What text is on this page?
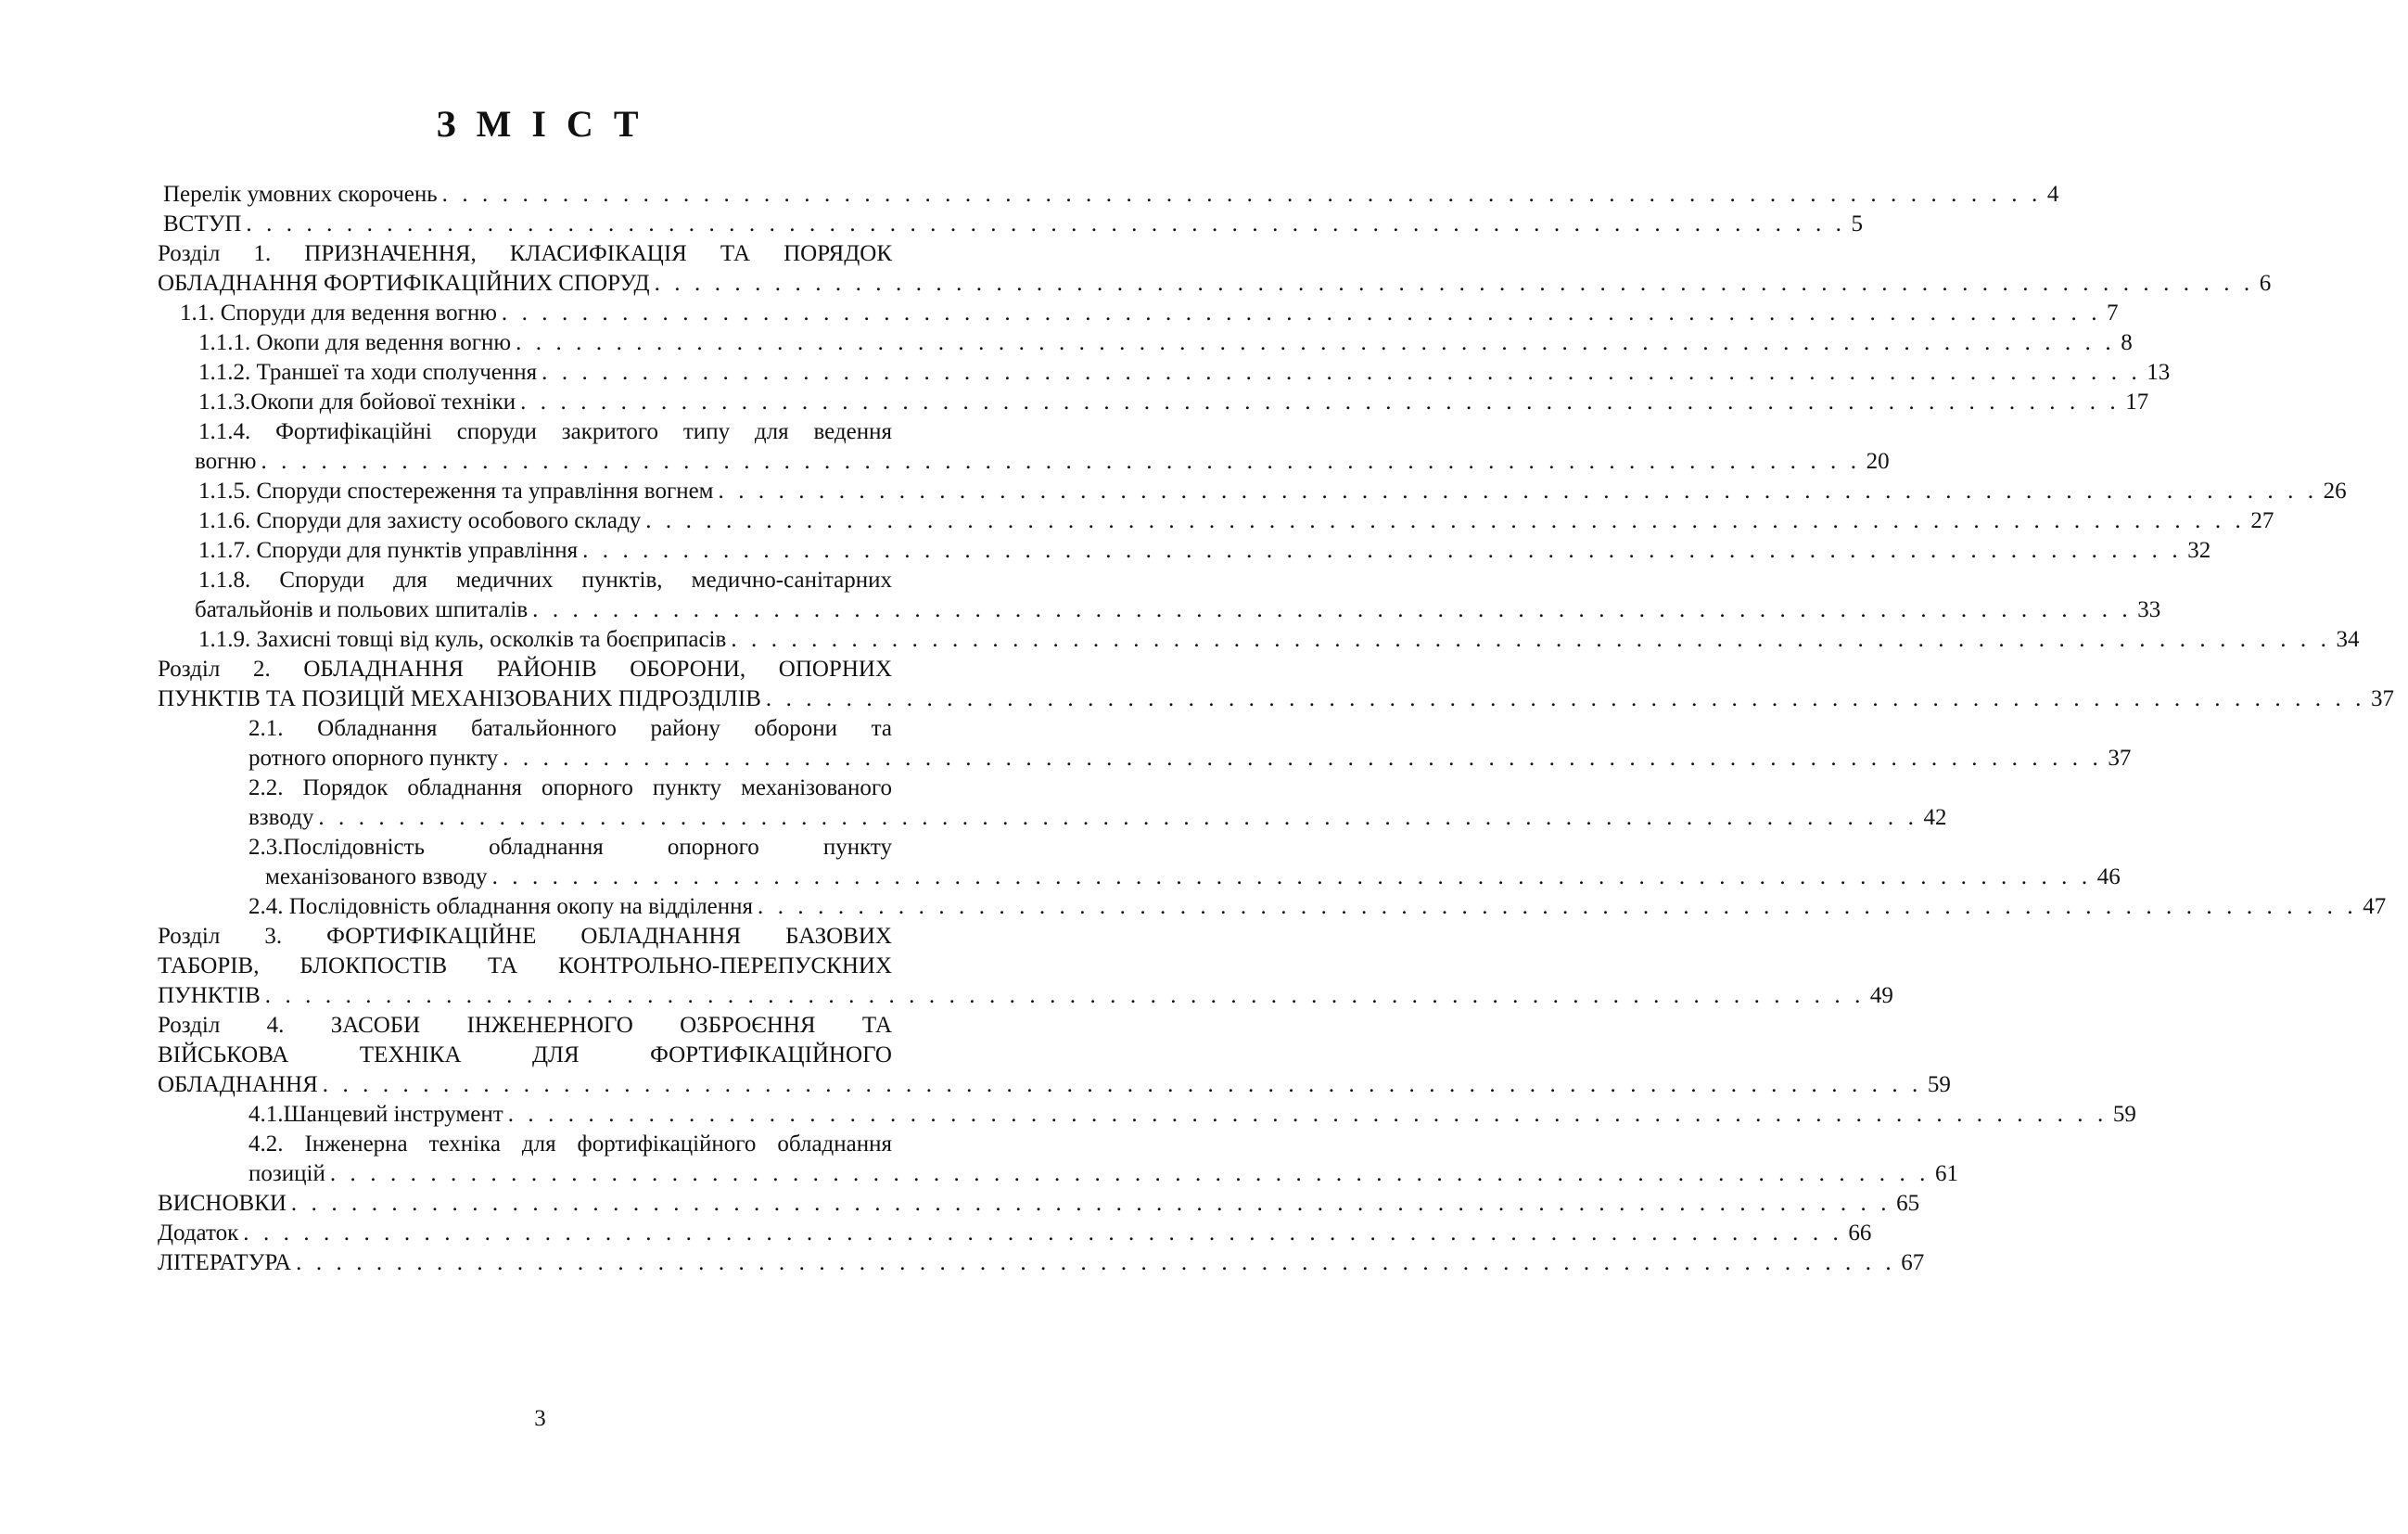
З М І С Т
Перелік умовних скорочень . . . . . . . . . . . . . . . . . . . . . . . . . . . . . . . . . . . . . . . . . . . . . . . . . . . . . . . . . . . . . . . . . . . . . . . . . . . . . . . . 4
ВСТУП . . . . . . . . . . . . . . . . . . . . . . . . . . . . . . . . . . . . . . . . . . . . . . . . . . . . . . . . . . . . . . . . . . . . . . . . . . . . . . . . 5
Розділ 1. ПРИЗНАЧЕННЯ, КЛАСИФІКАЦІЯ ТА ПОРЯДОК
ОБЛАДНАННЯ ФОРТИФІКАЦІЙНИХ СПОРУД . . . . . . . . . . . . . . . . . . . . . . . . . . . . . . . . . . . . . . . . . . . . . . . . . . . . . . . . . . . . . . . . . . . . . . . . . . . . . . . . 6
1.1. Споруди для ведення вогню . . . . . . . . . . . . . . . . . . . . . . . . . . . . . . . . . . . . . . . . . . . . . . . . . . . . . . . . . . . . . . . . . . . . . . . . . . . . . . . . 7
1.1.1. Окопи для ведення вогню . . . . . . . . . . . . . . . . . . . . . . . . . . . . . . . . . . . . . . . . . . . . . . . . . . . . . . . . . . . . . . . . . . . . . . . . . . . . . . . . 8
1.1.2. Траншеї та ходи сполучення . . . . . . . . . . . . . . . . . . . . . . . . . . . . . . . . . . . . . . . . . . . . . . . . . . . . . . . . . . . . . . . . . . . . . . . . . . . . . . . . 13
1.1.3.Окопи для бойової техніки . . . . . . . . . . . . . . . . . . . . . . . . . . . . . . . . . . . . . . . . . . . . . . . . . . . . . . . . . . . . . . . . . . . . . . . . . . . . . . . . 17
1.1.4. Фортифікаційні споруди закритого типу для ведення
вогню . . . . . . . . . . . . . . . . . . . . . . . . . . . . . . . . . . . . . . . . . . . . . . . . . . . . . . . . . . . . . . . . . . . . . . . . . . . . . . . . 20
1.1.5. Споруди спостереження та управління вогнем . . . . . . . . . . . . . . . . . . . . . . . . . . . . . . . . . . . . . . . . . . . . . . . . . . . . . . . . . . . . . . . . . . . . . . . . . . . . . . . . 26
1.1.6. Споруди для захисту особового складу . . . . . . . . . . . . . . . . . . . . . . . . . . . . . . . . . . . . . . . . . . . . . . . . . . . . . . . . . . . . . . . . . . . . . . . . . . . . . . . . 27
1.1.7. Споруди для пунктів управління . . . . . . . . . . . . . . . . . . . . . . . . . . . . . . . . . . . . . . . . . . . . . . . . . . . . . . . . . . . . . . . . . . . . . . . . . . . . . . . . 32
1.1.8. Споруди для медичних пунктів, медично-санітарних
батальйонів и польових шпиталів . . . . . . . . . . . . . . . . . . . . . . . . . . . . . . . . . . . . . . . . . . . . . . . . . . . . . . . . . . . . . . . . . . . . . . . . . . . . . . . . 33
1.1.9. Захисні товщі від куль, осколків та боєприпасів . . . . . . . . . . . . . . . . . . . . . . . . . . . . . . . . . . . . . . . . . . . . . . . . . . . . . . . . . . . . . . . . . . . . . . . . . . . . . . . . 34
Розділ 2. ОБЛАДНАННЯ РАЙОНІВ ОБОРОНИ, ОПОРНИХ
ПУНКТІВ ТА ПОЗИЦІЙ МЕХАНІЗОВАНИХ ПІДРОЗДІЛІВ . . . . . . . . . . . . . . . . . . . . . . . . . . . . . . . . . . . . . . . . . . . . . . . . . . . . . . . . . . . . . . . . . . . . . . . . . . . . . . . . 37
2.1. Обладнання батальйонного району оборони та
ротного опорного пункту . . . . . . . . . . . . . . . . . . . . . . . . . . . . . . . . . . . . . . . . . . . . . . . . . . . . . . . . . . . . . . . . . . . . . . . . . . . . . . . . 37
2.2. Порядок обладнання опорного пункту механізованого
взводу . . . . . . . . . . . . . . . . . . . . . . . . . . . . . . . . . . . . . . . . . . . . . . . . . . . . . . . . . . . . . . . . . . . . . . . . . . . . . . . . 42
2.3.Послідовність обладнання опорного пункту
механізованого взводу . . . . . . . . . . . . . . . . . . . . . . . . . . . . . . . . . . . . . . . . . . . . . . . . . . . . . . . . . . . . . . . . . . . . . . . . . . . . . . . . 46
2.4. Послідовність обладнання окопу на відділення . . . . . . . . . . . . . . . . . . . . . . . . . . . . . . . . . . . . . . . . . . . . . . . . . . . . . . . . . . . . . . . . . . . . . . . . . . . . . . . . 47
Розділ 3. ФОРТИФІКАЦІЙНЕ ОБЛАДНАННЯ БАЗОВИХ
ТАБОРІВ, БЛОКПОСТІВ ТА КОНТРОЛЬНО-ПЕРЕПУСКНИХ
ПУНКТІВ . . . . . . . . . . . . . . . . . . . . . . . . . . . . . . . . . . . . . . . . . . . . . . . . . . . . . . . . . . . . . . . . . . . . . . . . . . . . . . . . 49
Розділ 4. ЗАСОБИ ІНЖЕНЕРНОГО ОЗБРОЄННЯ ТА
ВІЙСЬКОВА ТЕХНІКА ДЛЯ ФОРТИФІКАЦІЙНОГО
ОБЛАДНАННЯ . . . . . . . . . . . . . . . . . . . . . . . . . . . . . . . . . . . . . . . . . . . . . . . . . . . . . . . . . . . . . . . . . . . . . . . . . . . . . . . . 59
4.1.Шанцевий інструмент . . . . . . . . . . . . . . . . . . . . . . . . . . . . . . . . . . . . . . . . . . . . . . . . . . . . . . . . . . . . . . . . . . . . . . . . . . . . . . . . 59
4.2. Інженерна техніка для фортифікаційного обладнання
позицій . . . . . . . . . . . . . . . . . . . . . . . . . . . . . . . . . . . . . . . . . . . . . . . . . . . . . . . . . . . . . . . . . . . . . . . . . . . . . . . . 61
ВИСНОВКИ . . . . . . . . . . . . . . . . . . . . . . . . . . . . . . . . . . . . . . . . . . . . . . . . . . . . . . . . . . . . . . . . . . . . . . . . . . . . . . . . 65
Додаток . . . . . . . . . . . . . . . . . . . . . . . . . . . . . . . . . . . . . . . . . . . . . . . . . . . . . . . . . . . . . . . . . . . . . . . . . . . . . . . . 66
ЛІТЕРАТУРА . . . . . . . . . . . . . . . . . . . . . . . . . . . . . . . . . . . . . . . . . . . . . . . . . . . . . . . . . . . . . . . . . . . . . . . . . . . . . . . . 67
3
